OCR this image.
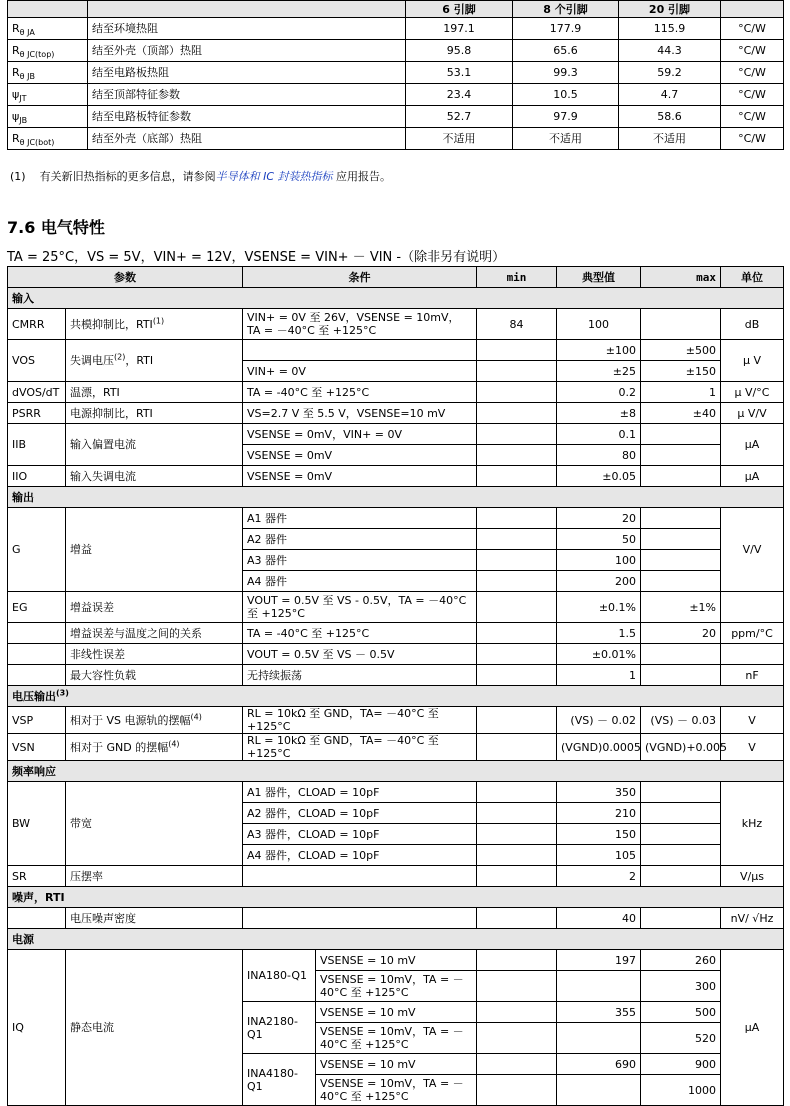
		6 引脚	8 个引脚	20 引脚	
$R_{\theta JA}$	结至环境热阻	197.1	177.9	115.9	°C/W
$R_{\theta JC(top)}$	结至外壳（顶部）热阻	95.8	65.6	44.3	°C/W
$R_{\theta JB}$	结至电路板热阻	53.1	99.3	59.2	°C/W
$\psi_{JT}$	结至顶部特征参数	23.4	10.5	4.7	°C/W
$\psi_{JB}$	结至电路板特征参数	52.7	97.9	58.6	°C/W
$R_{\theta JC(bot)}$	结至外壳（底部）热阻	不适用	不适用	不适用	°C/W
(1) 有关新旧热指标的更多信息，请参阅半导体和 IC 封装热指标 应用报告。
7.6 电气特性
TA = 25°C，VS = 5V，VIN+ = 12V，VSENSE = VIN+ － VIN -（除非另有说明）
参数		条件		min	典型值	max	单位
输入							
CMRR	共模抑制比，RTI$^{(1)}$	VIN+ = 0V 至 26V，VSENSE = 10mV，TA = －40°C 至 +125°C		84	100		dB
VOS	失调电压$^{(2)}$，RTI				±100	±500	μ V
		VIN+ = 0V			±25	±150	
dVOS/dT	温漂，RTI	TA = -40°C 至 +125°C			0.2	1	μ V/°C
PSRR	电源抑制比，RTI	VS=2.7 V 至 5.5 V，VSENSE=10 mV			±8	±40	μ V/V
IIB	输入偏置电流	VSENSE = 0mV，VIN+ = 0V			0.1		μA
		VSENSE = 0mV			80		
IIO	输入失调电流	VSENSE = 0mV			±0.05		μA
输出							
G	增益	A1 器件			20		V/V
		A2 器件			50		
		A3 器件			100		
		A4 器件			200		
EG	增益误差	VOUT = 0.5V 至 VS - 0.5V，TA = －40°C 至 +125°C			±0.1%	±1%	
	增益误差与温度之间的关系	TA = -40°C 至 +125°C			1.5	20	ppm/°C
	非线性误差	VOUT = 0.5V 至 VS － 0.5V			±0.01%		
	最大容性负载	无持续振荡			1		nF
电压输出$^{(3)}$
VSP	相对于 VS 电源轨的摆幅$^{(4)}$	RL = 10kΩ 至 GND，TA= －40°C 至 +125°C			(VS) － 0.02	(VS) － 0.03	V
VSN	相对于 GND 的摆幅$^{(4)}$	RL = 10kΩ 至 GND，TA= －40°C 至 +125°C			(VGND)0.0005	(VGND)+0.005	V
频率响应							
BW	带宽	A1 器件，CLOAD = 10pF			350		kHz
		A2 器件，CLOAD = 10pF			210		
		A3 器件，CLOAD = 10pF			150		
		A4 器件，CLOAD = 10pF			105		
SR	压摆率				2		V/μs
噪声，RTI							
	电压噪声密度				40		nV/ √Hz
电源							
IQ	静态电流	INA180-Q1	VSENSE = 10 mV		197	260	μA
			VSENSE = 10mV，TA = －40°C 至 +125°C			300	
		INA2180-Q1	VSENSE = 10 mV		355	500	
			VSENSE = 10mV，TA = －40°C 至 +125°C			520	
		INA4180-Q1	VSENSE = 10 mV		690	900	
			VSENSE = 10mV，TA = －40°C 至 +125°C			1000	
